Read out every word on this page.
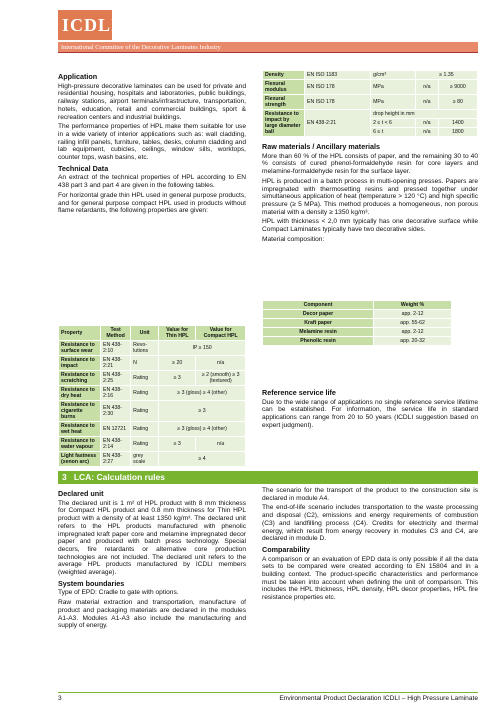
ICDLI
International Committee of the Decorative Laminates Industry
Application

High-pressure decorative laminates can be used for private and residential housing, hospitals and laboratories, public buildings, railway stations, airport terminals/infrastructure, transportation, hotels, education, retail and commercial buildings, sport & recreation centers and industrial buildings.

The performance properties of HPL make them suitable for use in a wide variety of interior applications such as: wall cladding, railing infill panels, furniture, tables, desks, column cladding and lab equipment, cubicles, ceilings, window sills, worktops, counter tops, wash basins, etc.

Technical Data

An extract of the technical properties of HPL according to EN 438 part 3 and part 4 are given in the following tables.

For horizontal grade thin HPL used in general purpose products, and for general purpose compact HPL used in products without flame retardants, the following properties are given:

Property	Test Method	Unit	Value for Thin HPL	Value for Compact HPL
Resistance to surface wear	EN 438-2:10	Revo-lutions	IP ≥ 150	
Resistance to impact	EN 438-2:21	N	≥ 20	n/a
Resistance to scratching	EN 438-2:25	Rating	≥ 3	≥ 2 (smooth) ≥ 3 (textured)
Resistance to dry heat	EN 438-2:16	Rating	≥ 3 (gloss) ≥ 4 (other)	
Resistance to cigarette burns	EN 438-2:30	Rating	≥ 3	
Resistance to wet heat	EN 12721	Rating	≥ 3 (gloss) ≥ 4 (other)	
Resistance to water vapour	EN 438-2:14	Rating	≥ 3	n/a
Light fastness (xenon arc)	EN 438-2:27	grey scale	≥ 4	
Density	EN ISO 1183	g/cm³	≥ 1.35	
Flexural modulus	EN ISO 178	MPa	n/a	≥ 9000
Flexural strength	EN ISO 178	MPa	n/a	≥ 80
Resistance to impact by large diameter ball	EN 438-2:21	drop height in mm		
		2 ≤ t < 6	n/a	1400
		6 ≤ t	n/a	1800
Raw materials / Ancillary materials

More than 60 % of the HPL consists of paper, and the remaining 30 to 40 % consists of cured phenol-formaldehyde resin for core layers and melamine-formaldehyde resin for the surface layer.

HPL is produced in a batch process in multi-opening presses. Papers are impregnated with thermosetting resins and pressed together under simultaneous application of heat (temperature > 120 °C) and high specific pressure (≥ 5 MPa). This method produces a homogeneous, non porous material with a density ≥ 1350 kg/m³.

HPL with thickness < 2,0 mm typically has one decorative surface while Compact Laminates typically have two decorative sides.

Material composition:

Component	Weight %
Decor paper	app. 2-12
Kraft paper	app. 55-62
Melamine resin	app. 2-12
Phenolic resin	app. 20-32
Reference service life

Due to the wide range of applications no single reference service lifetime can be established. For information, the service life in standard applications can range from 20 to 50 years (ICDLI suggestion based on expert judgment).

3 LCA: Calculation rules
Declared unit

The declared unit is 1 m² of HPL product with 8 mm thickness for Compact HPL product and 0.8 mm thickness for Thin HPL product with a density of at least 1350 kg/m³. The declared unit refers to the HPL products manufactured with phenolic impregnated kraft paper core and melamine impregnated decor paper and produced with batch press technology. Special decors, fire retardants or alternative core production technologies are not included. The declared unit refers to the average HPL products manufactured by ICDLI members (weighted average).

System boundaries

Type of EPD: Cradle to gate with options.

Raw material extraction and transportation, manufacture of product and packaging materials are declared in the modules A1-A3. Modules A1-A3 also include the manufacturing and supply of energy.

The scenario for the transport of the product to the construction site is declared in module A4.

The end-of-life scenario includes transportation to the waste processing and disposal (C2), emissions and energy requirements of combustion (C3) and landfilling process (C4). Credits for electricity and thermal energy, which result from energy recovery in modules C3 and C4, are declared in module D.

Comparability

A comparison or an evaluation of EPD data is only possible if all the data sets to be compared were created according to EN 15804 and in a building context. The product-specific characteristics and performance must be taken into account when defining the unit of comparison. This includes the HPL thickness, HPL density, HPL decor properties, HPL fire resistance properties etc.

3	Environmental Product Declaration ICDLI – High Pressure Laminate
